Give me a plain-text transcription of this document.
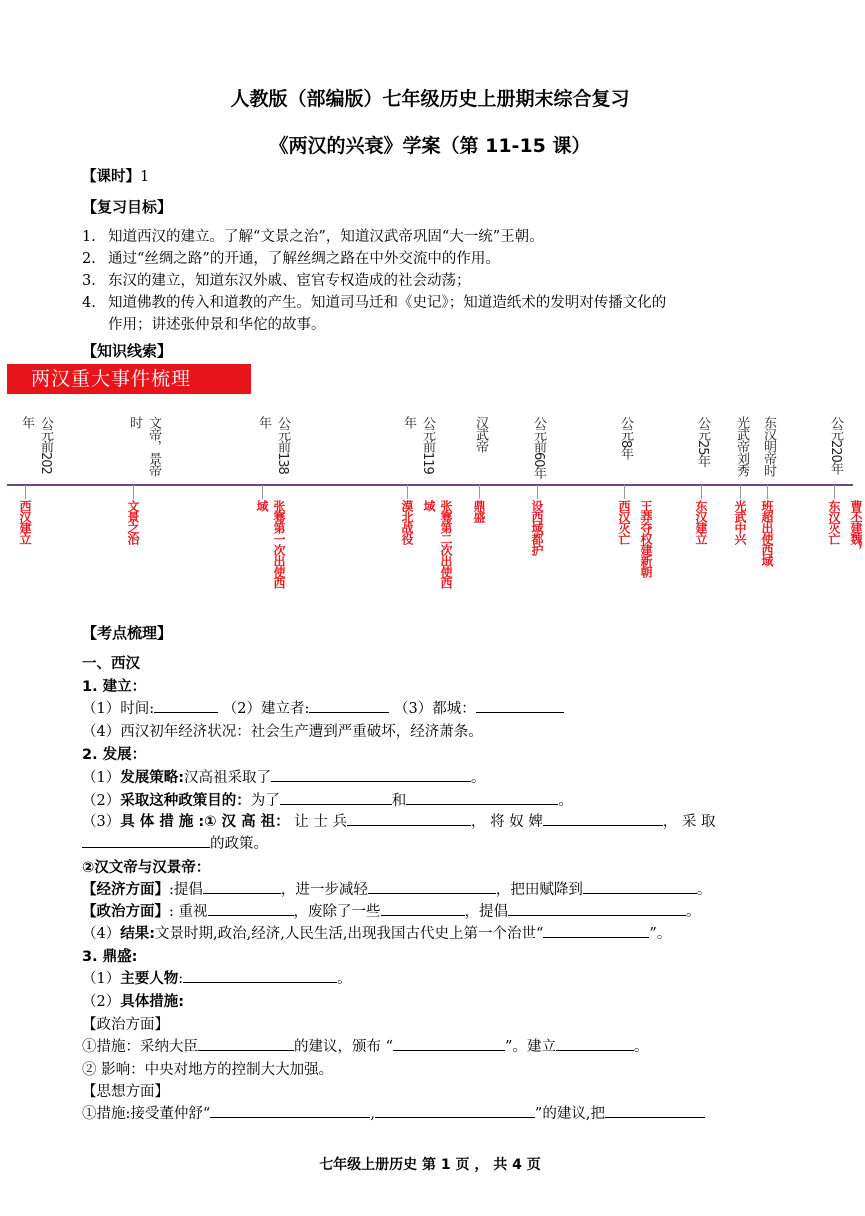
人教版（部编版）七年级历史上册期末综合复习
《两汉的兴衰》学案（第 11-15 课）
【课时】1
【复习目标】
1. 知道西汉的建立。了解“文景之治”，知道汉武帝巩固“大一统”王朝。
2. 通过“丝绸之路”的开通，了解丝绸之路在中外交流中的作用。
3. 东汉的建立，知道东汉外戚、宦官专权造成的社会动荡；
4. 知道佛教的传入和道教的产生。知道司马迁和《史记》；知道造纸术的发明对传播文化的
作用；讲述张仲景和华佗的故事。
【知识线索】
两汉重大事件梳理
公元前202年
西汉建立
文帝，景帝时
文景之治
公元前138年
张骞第一次出使西域
公元前119年
漠北战役	张骞第二次出使西域
汉武帝
鼎盛
公元前60年
设西域都护
公元8年
西汉灭亡 王莽夺权建新朝
公元25年
东汉建立
光武帝刘秀
光武中兴
东汉明帝时
班超出使西域
公元220年
东汉灭亡 曹丕建魏，
【考点梳理】
一、西汉
1. 建立：
（1）时间:	（2）建立者:	（3）都城：
（4）西汉初年经济状况：社会生产遭到严重破坏，经济萧条。
2. 发展：
（1）发展策略:汉高祖采取了	。
（2）采取这种政策目的：为了	和	。
（3）具 体 措 施 :① 汉 高 祖： 让 士 兵	， 将 奴 婢	， 采 取
的政策。
②汉文帝与汉景帝：
【经济方面】:提倡	，进一步减轻	，把田赋降到	。
【政治方面】: 重视	，废除了一些	，提倡	。
（4）结果:文景时期,政治,经济,人民生活,出现我国古代史上第一个治世“	”。
3. 鼎盛:
（1）主要人物:	。
（2）具体措施:
【政治方面】
①措施：采纳大臣	的建议，颁布 “	”。建立	。
② 影响：中央对地方的控制大大加强。
【思想方面】
①措施:接受董仲舒“	,	”的建议,把
七年级上册历史 第 1 页 ， 共 4 页
